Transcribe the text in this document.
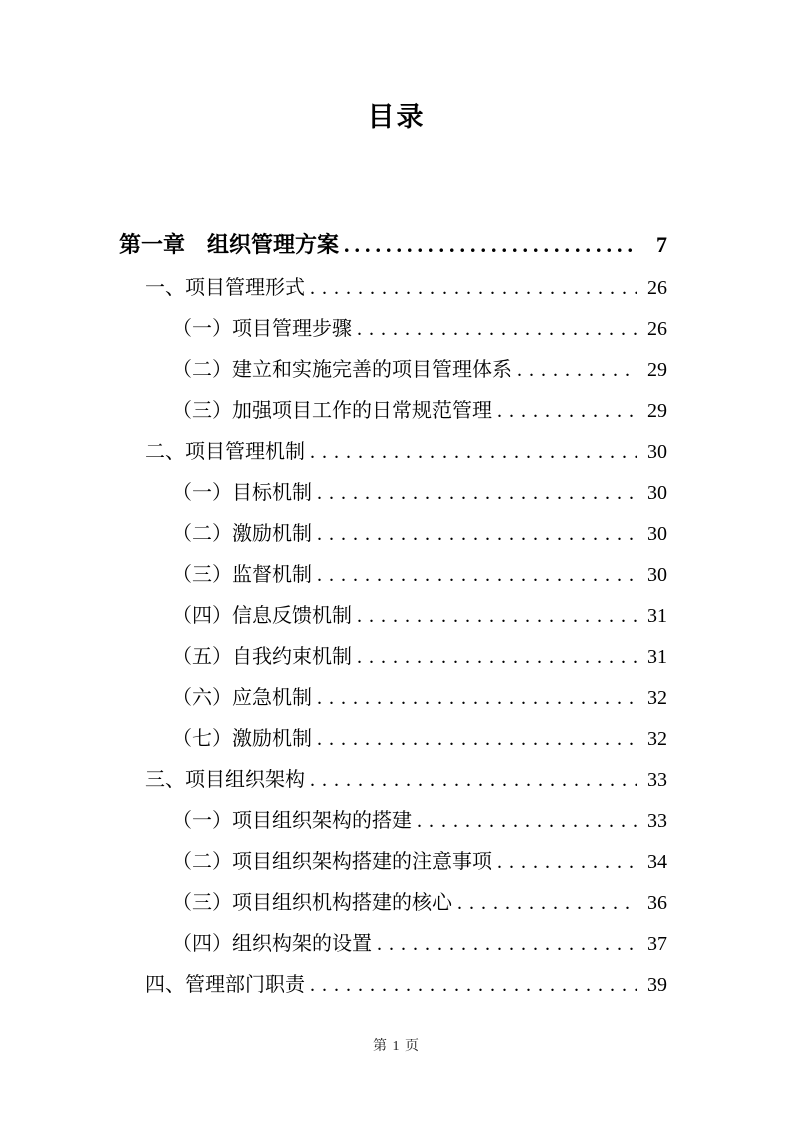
目录
第一章　组织管理方案 .....	7
一、项目管理形式 .....	26
（一）项目管理步骤 .....	26
（二）建立和实施完善的项目管理体系 .....	29
（三）加强项目工作的日常规范管理 .....	29
二、项目管理机制 .....	30
（一）目标机制 .....	30
（二）激励机制 .....	30
（三）监督机制 .....	30
（四）信息反馈机制 .....	31
（五）自我约束机制 .....	31
（六）应急机制 .....	32
（七）激励机制 .....	32
三、项目组织架构 .....	33
（一）项目组织架构的搭建 .....	33
（二）项目组织架构搭建的注意事项 .....	34
（三）项目组织机构搭建的核心 .....	36
（四）组织构架的设置 .....	37
四、管理部门职责 .....	39
第 1 页
